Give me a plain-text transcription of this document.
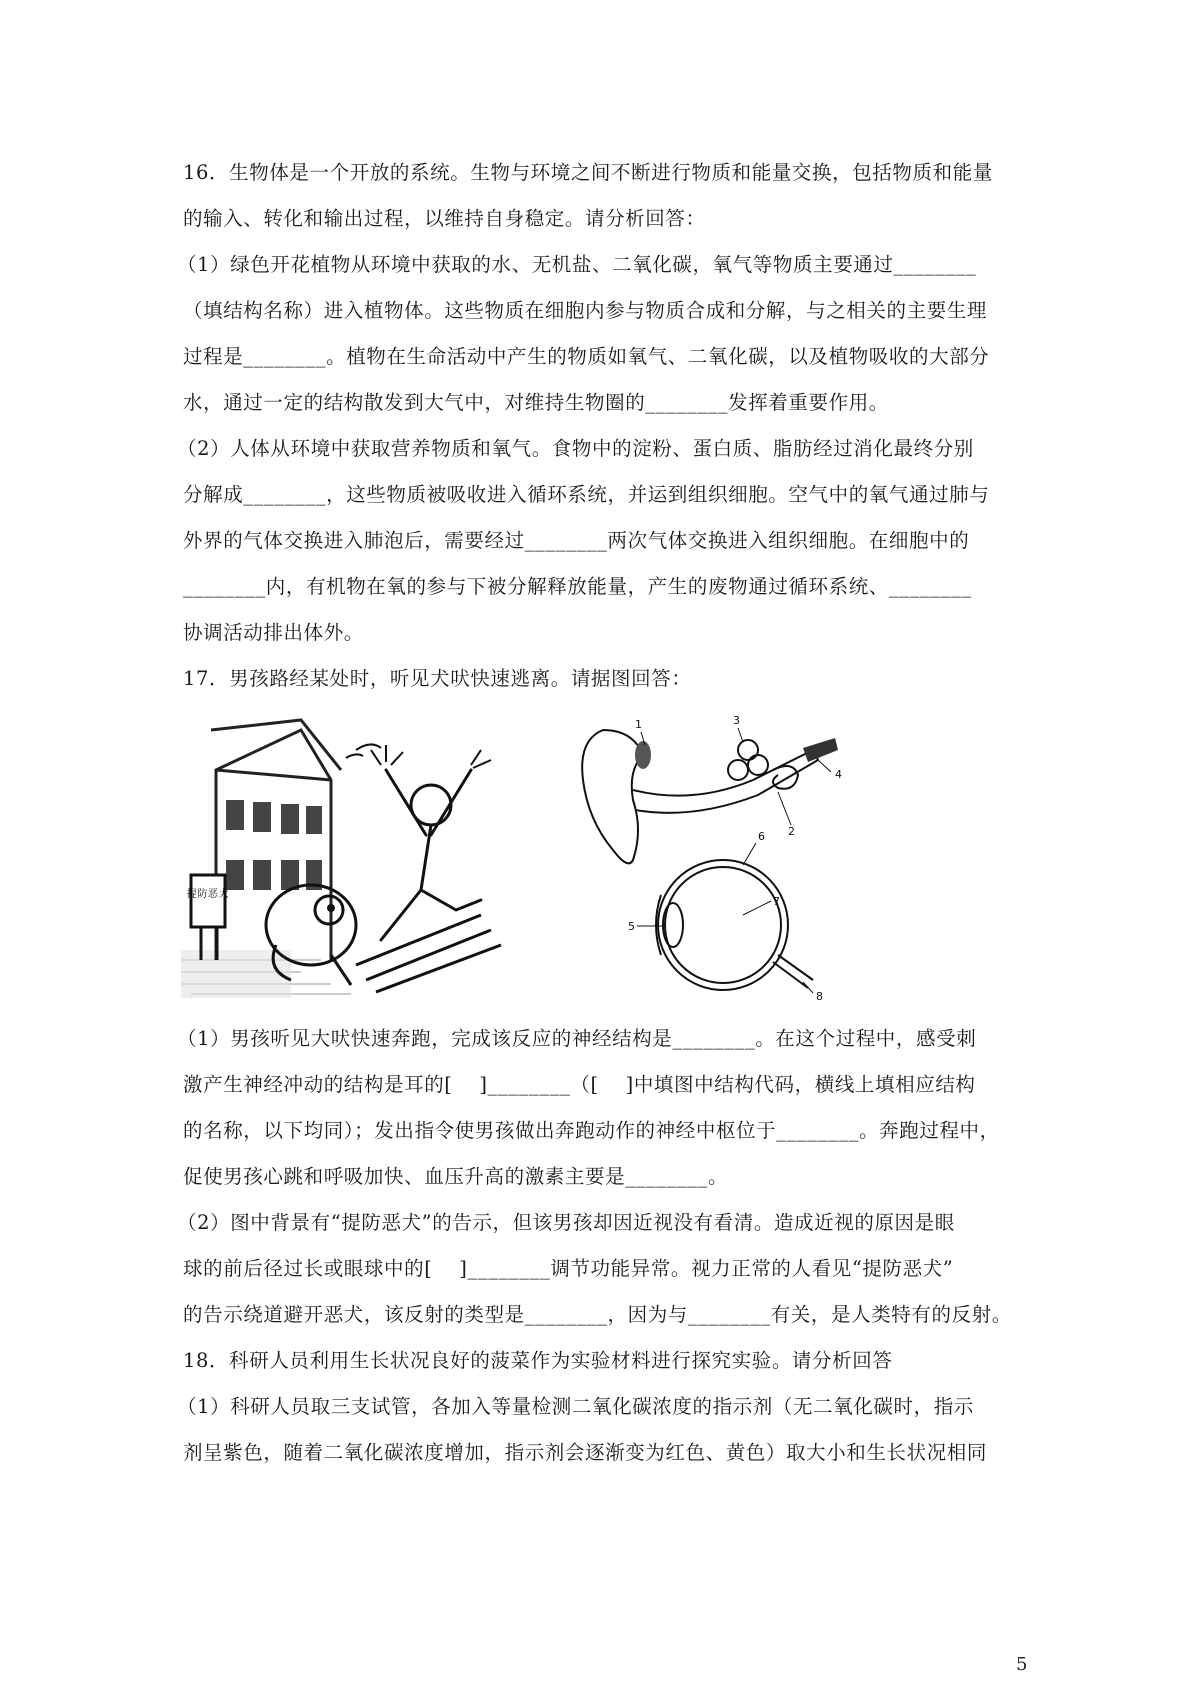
16．生物体是一个开放的系统。生物与环境之间不断进行物质和能量交换，包括物质和能量

的输入、转化和输出过程，以维持自身稳定。请分析回答：

（1）绿色开花植物从环境中获取的水、无机盐、二氧化碳，氧气等物质主要通过________

（填结构名称）进入植物体。这些物质在细胞内参与物质合成和分解，与之相关的主要生理

过程是________。植物在生命活动中产生的物质如氧气、二氧化碳，以及植物吸收的大部分

水，通过一定的结构散发到大气中，对维持生物圈的________发挥着重要作用。

（2）人体从环境中获取营养物质和氧气。食物中的淀粉、蛋白质、脂肪经过消化最终分别

分解成________，这些物质被吸收进入循环系统，并运到组织细胞。空气中的氧气通过肺与

外界的气体交换进入肺泡后，需要经过________两次气体交换进入组织细胞。在细胞中的

________内，有机物在氧的参与下被分解释放能量，产生的废物通过循环系统、________

协调活动排出体外。

17．男孩路经某处时，听见犬吠快速逃离。请据图回答：

提防恶犬
1
2
3
4
5
6
7
8

（1）男孩听见大吠快速奔跑，完成该反应的神经结构是________。在这个过程中，感受刺

激产生神经冲动的结构是耳的[　 ]________（[　 ]中填图中结构代码，横线上填相应结构

的名称，以下均同）；发出指令使男孩做出奔跑动作的神经中枢位于________。奔跑过程中，

促使男孩心跳和呼吸加快、血压升高的激素主要是________。

（2）图中背景有“提防恶犬”的告示，但该男孩却因近视没有看清。造成近视的原因是眼

球的前后径过长或眼球中的[　 ]________调节功能异常。视力正常的人看见“提防恶犬”

的告示绕道避开恶犬，该反射的类型是________，因为与________有关，是人类特有的反射。

18．科研人员利用生长状况良好的菠菜作为实验材料进行探究实验。请分析回答

（1）科研人员取三支试管，各加入等量检测二氧化碳浓度的指示剂（无二氧化碳时，指示

剂呈紫色，随着二氧化碳浓度增加，指示剂会逐渐变为红色、黄色）取大小和生长状况相同

5
